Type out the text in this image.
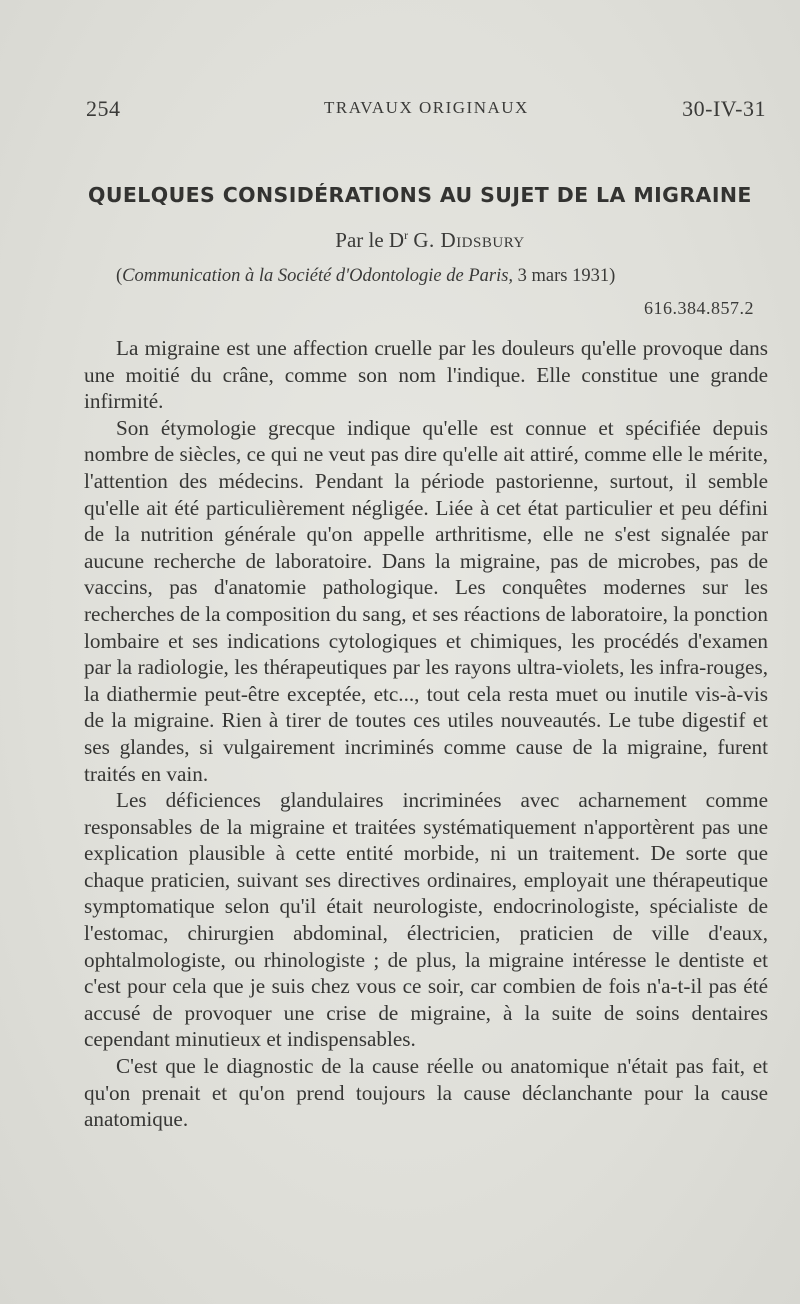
254	TRAVAUX ORIGINAUX	30-IV-31
QUELQUES CONSIDÉRATIONS AU SUJET DE LA MIGRAINE
Par le $D^r$ G. Didsbury
(Communication à la Société d'Odontologie de Paris, 3 mars 1931)
616.384.857.2

La migraine est une affection cruelle par les douleurs qu'elle provoque dans une moitié du crâne, comme son nom l'indique. Elle constitue une grande infirmité.

Son étymologie grecque indique qu'elle est connue et spécifiée depuis nombre de siècles, ce qui ne veut pas dire qu'elle ait attiré, comme elle le mérite, l'attention des médecins. Pendant la période pastorienne, surtout, il semble qu'elle ait été particulièrement négligée. Liée à cet état particulier et peu défini de la nutrition générale qu'on appelle arthritisme, elle ne s'est signalée par aucune recherche de laboratoire. Dans la migraine, pas de microbes, pas de vaccins, pas d'anatomie pathologique. Les conquêtes modernes sur les recherches de la composition du sang, et ses réactions de laboratoire, la ponction lombaire et ses indications cytologiques et chimiques, les procédés d'examen par la radiologie, les thérapeutiques par les rayons ultra-violets, les infra-rouges, la diathermie peut-être exceptée, etc..., tout cela resta muet ou inutile vis-à-vis de la migraine. Rien à tirer de toutes ces utiles nouveautés. Le tube digestif et ses glandes, si vulgairement incriminés comme cause de la migraine, furent traités en vain.

Les déficiences glandulaires incriminées avec acharnement comme responsables de la migraine et traitées systématiquement n'apportèrent pas une explication plausible à cette entité morbide, ni un traitement. De sorte que chaque praticien, suivant ses directives ordinaires, employait une thérapeutique symptomatique selon qu'il était neurologiste, endocrinologiste, spécialiste de l'estomac, chirurgien abdominal, électricien, praticien de ville d'eaux, ophtalmologiste, ou rhinologiste ; de plus, la migraine intéresse le dentiste et c'est pour cela que je suis chez vous ce soir, car combien de fois n'a-t-il pas été accusé de provoquer une crise de migraine, à la suite de soins dentaires cependant minutieux et indispensables.

C'est que le diagnostic de la cause réelle ou anatomique n'était pas fait, et qu'on prenait et qu'on prend toujours la cause déclanchante pour la cause anatomique.
